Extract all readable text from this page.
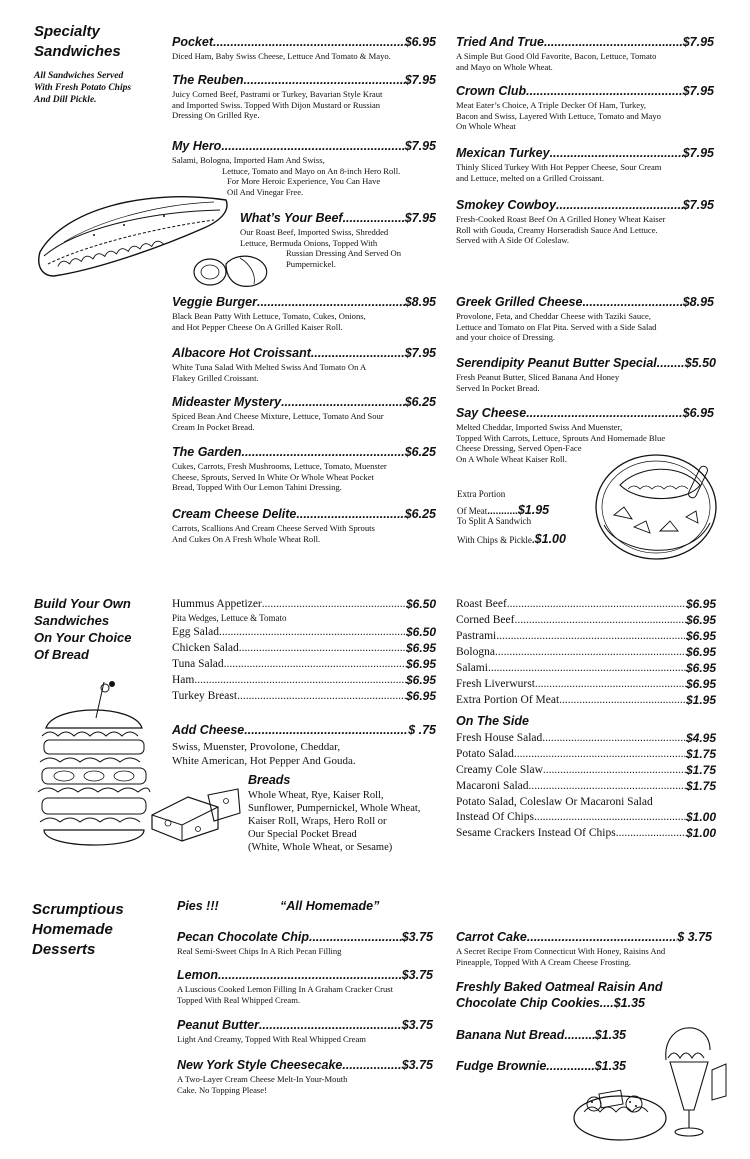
Specialty
Sandwiches
All Sandwiches Served
With Fresh Potato Chips
And Dill Pickle.
Pocket .....	$6.95
Diced Ham, Baby Swiss Cheese, Lettuce And Tomato & Mayo.
The Reuben .....	$7.95
Juicy Corned Beef, Pastrami or Turkey, Bavarian Style Kraut
and Imported Swiss. Topped With Dijon Mustard or Russian
Dressing On Grilled Rye.
My Hero .....	$7.95
Salami, Bologna, Imported Ham And Swiss,
Lettuce, Tomato and Mayo on An 8-inch Hero Roll.
For More Heroic Experience, You Can Have
Oil And Vinegar Free.
What’s Your Beef .....	$7.95
Our Roast Beef, Imported Swiss, Shredded
Lettuce, Bermuda Onions, Topped With
Russian Dressing And Served On
Pumpernickel.
Veggie Burger .....	$8.95
Black Bean Patty With Lettuce, Tomato, Cukes, Onions,
and Hot Pepper Cheese On A Grilled Kaiser Roll.
Albacore Hot Croissant .....	$7.95
White Tuna Salad With Melted Swiss And Tomato On A
Flakey Grilled Croissant.
Mideaster Mystery .....	$6.25
Spiced Bean And Cheese Mixture, Lettuce, Tomato And Sour
Cream In Pocket Bread.
The Garden .....	$6.25
Cukes, Carrots, Fresh Mushrooms, Lettuce, Tomato, Muenster
Cheese, Sprouts, Served In White Or Whole Wheat Pocket
Bread, Topped With Our Lemon Tahini Dressing.
Cream Cheese Delite .....	$6.25
Carrots, Scallions And Cream Cheese Served With Sprouts
And Cukes On A Fresh Whole Wheat Roll.
Tried And True .....	$7.95
A Simple But Good Old Favorite, Bacon, Lettuce, Tomato
and Mayo on Whole Wheat.
Crown Club .....	$7.95
Meat Eater’s Choice, A Triple Decker Of Ham, Turkey,
Bacon and Swiss, Layered With Lettuce, Tomato and Mayo
On Whole Wheat
Mexican Turkey .....	$7.95
Thinly Sliced Turkey With Hot Pepper Cheese, Sour Cream
and Lettuce, melted on a Grilled Croissant.
Smokey Cowboy .....	$7.95
Fresh-Cooked Roast Beef On A Grilled Honey Wheat Kaiser
Roll with Gouda, Creamy Horseradish Sauce And Lettuce.
Served with A Side Of Coleslaw.
Greek Grilled Cheese .....	$8.95
Provolone, Feta, and Cheddar Cheese with Taziki Sauce,
Lettuce and Tomato on Flat Pita. Served with a Side Salad
and your choice of Dressing.
Serendipity Peanut Butter Special ..... $5.50
Fresh Peanut Butter, Sliced Banana And Honey
Served In Pocket Bread.
Say Cheese .....	$6.95
Melted Cheddar, Imported Swiss And Muenster,
Topped With Carrots, Lettuce, Sprouts And Homemade Blue
Cheese Dressing, Served Open-Face
On A Whole Wheat Kaiser Roll.
Extra Portion
Of Meat...........$1.95
To Split A Sandwich
With Chips & Pickle.$1.00
Build Your Own
Sandwiches
On Your Choice
Of Bread
Hummus Appetizer .....	$6.50
Pita Wedges, Lettuce & Tomato
Egg Salad .....	$6.50
Chicken Salad .....	$6.95
Tuna Salad .....	$6.95
Ham .....	$6.95
Turkey Breast .....	$6.95
Add Cheese .....	$ .75
Swiss, Muenster, Provolone, Cheddar,
White American, Hot Pepper And Gouda.
Breads
Whole Wheat, Rye, Kaiser Roll,
Sunflower, Pumpernickel, Whole Wheat,
Kaiser Roll, Wraps, Hero Roll or
Our Special Pocket Bread
(White, Whole Wheat, or Sesame)
Roast Beef .....	$6.95
Corned Beef .....	$6.95
Pastrami .....	$6.95
Bologna .....	$6.95
Salami .....	$6.95
Fresh Liverwurst .....	$6.95
Extra Portion Of Meat .....	$1.95
On The Side
Fresh House Salad .....	$4.95
Potato Salad .....	$1.75
Creamy Cole Slaw .....	$1.75
Macaroni Salad .....	$1.75
Potato Salad, Coleslaw Or Macaroni Salad
Instead Of Chips .....	$1.00
Sesame Crackers Instead Of Chips .....	$1.00
Scrumptious
Homemade
Desserts
Pies !!!	“All Homemade”
Pecan Chocolate Chip .....	$3.75
Real Semi-Sweet Chips In A Rich Pecan Filling
Lemon .....	$3.75
A Luscious Cooked Lemon Filling In A Graham Cracker Crust
Topped With Real Whipped Cream.
Peanut Butter .....	$3.75
Light And Creamy, Topped With Real Whipped Cream
New York Style Cheesecake .....	$3.75
A Two-Layer Cream Cheese Melt-In Your-Mouth
Cake. No Topping Please!
Carrot Cake .....	$ 3.75
A Secret Recipe From Connecticut With Honey, Raisins And
Pineapple, Topped With A Cream Cheese Frosting.
Freshly Baked Oatmeal Raisin And
Chocolate Chip Cookies .... $1.35
Banana Nut Bread ..... $1.35
Fudge Brownie .....	$1.35
